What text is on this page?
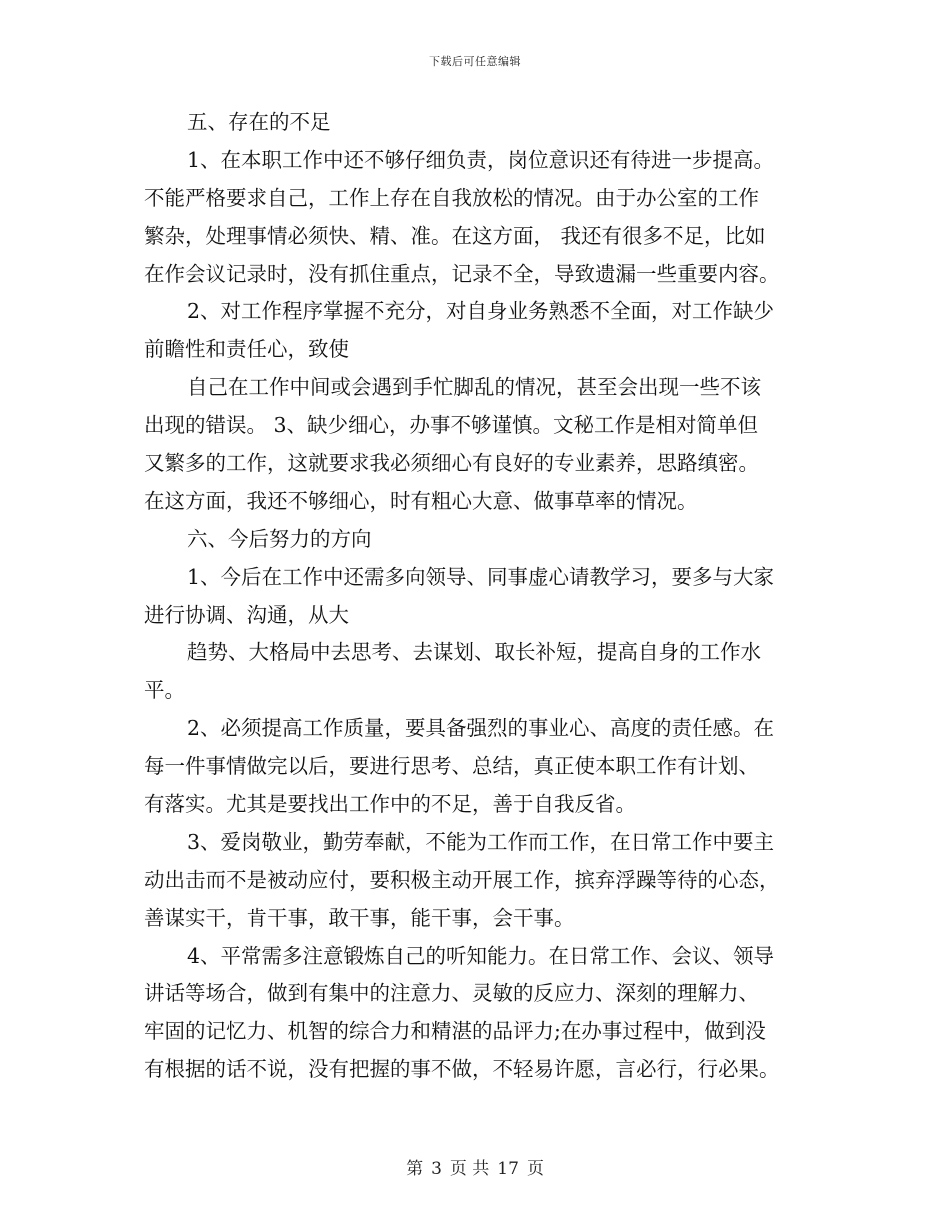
下载后可任意编辑
五、存在的不足
1、在本职工作中还不够仔细负责，岗位意识还有待进一步提高。
不能严格要求自己，工作上存在自我放松的情况。由于办公室的工作
繁杂，处理事情必须快、精、准。在这方面， 我还有很多不足，比如
在作会议记录时，没有抓住重点，记录不全，导致遗漏一些重要内容。
2、对工作程序掌握不充分，对自身业务熟悉不全面，对工作缺少
前瞻性和责任心，致使
自己在工作中间或会遇到手忙脚乱的情况，甚至会出现一些不该
出现的错误。 3、缺少细心，办事不够谨慎。文秘工作是相对简单但
又繁多的工作，这就要求我必须细心有良好的专业素养，思路缜密。
在这方面，我还不够细心，时有粗心大意、做事草率的情况。
六、今后努力的方向
1、今后在工作中还需多向领导、同事虚心请教学习，要多与大家
进行协调、沟通，从大
趋势、大格局中去思考、去谋划、取长补短，提高自身的工作水
平。
2、必须提高工作质量，要具备强烈的事业心、高度的责任感。在
每一件事情做完以后，要进行思考、总结，真正使本职工作有计划、
有落实。尤其是要找出工作中的不足，善于自我反省。
3、爱岗敬业，勤劳奉献，不能为工作而工作，在日常工作中要主
动出击而不是被动应付，要积极主动开展工作，摈弃浮躁等待的心态，
善谋实干，肯干事，敢干事，能干事，会干事。
4、平常需多注意锻炼自己的听知能力。在日常工作、会议、领导
讲话等场合，做到有集中的注意力、灵敏的反应力、深刻的理解力、
牢固的记忆力、机智的综合力和精湛的品评力;在办事过程中，做到没
有根据的话不说，没有把握的事不做，不轻易许愿，言必行，行必果。
第 3 页 共 17 页
